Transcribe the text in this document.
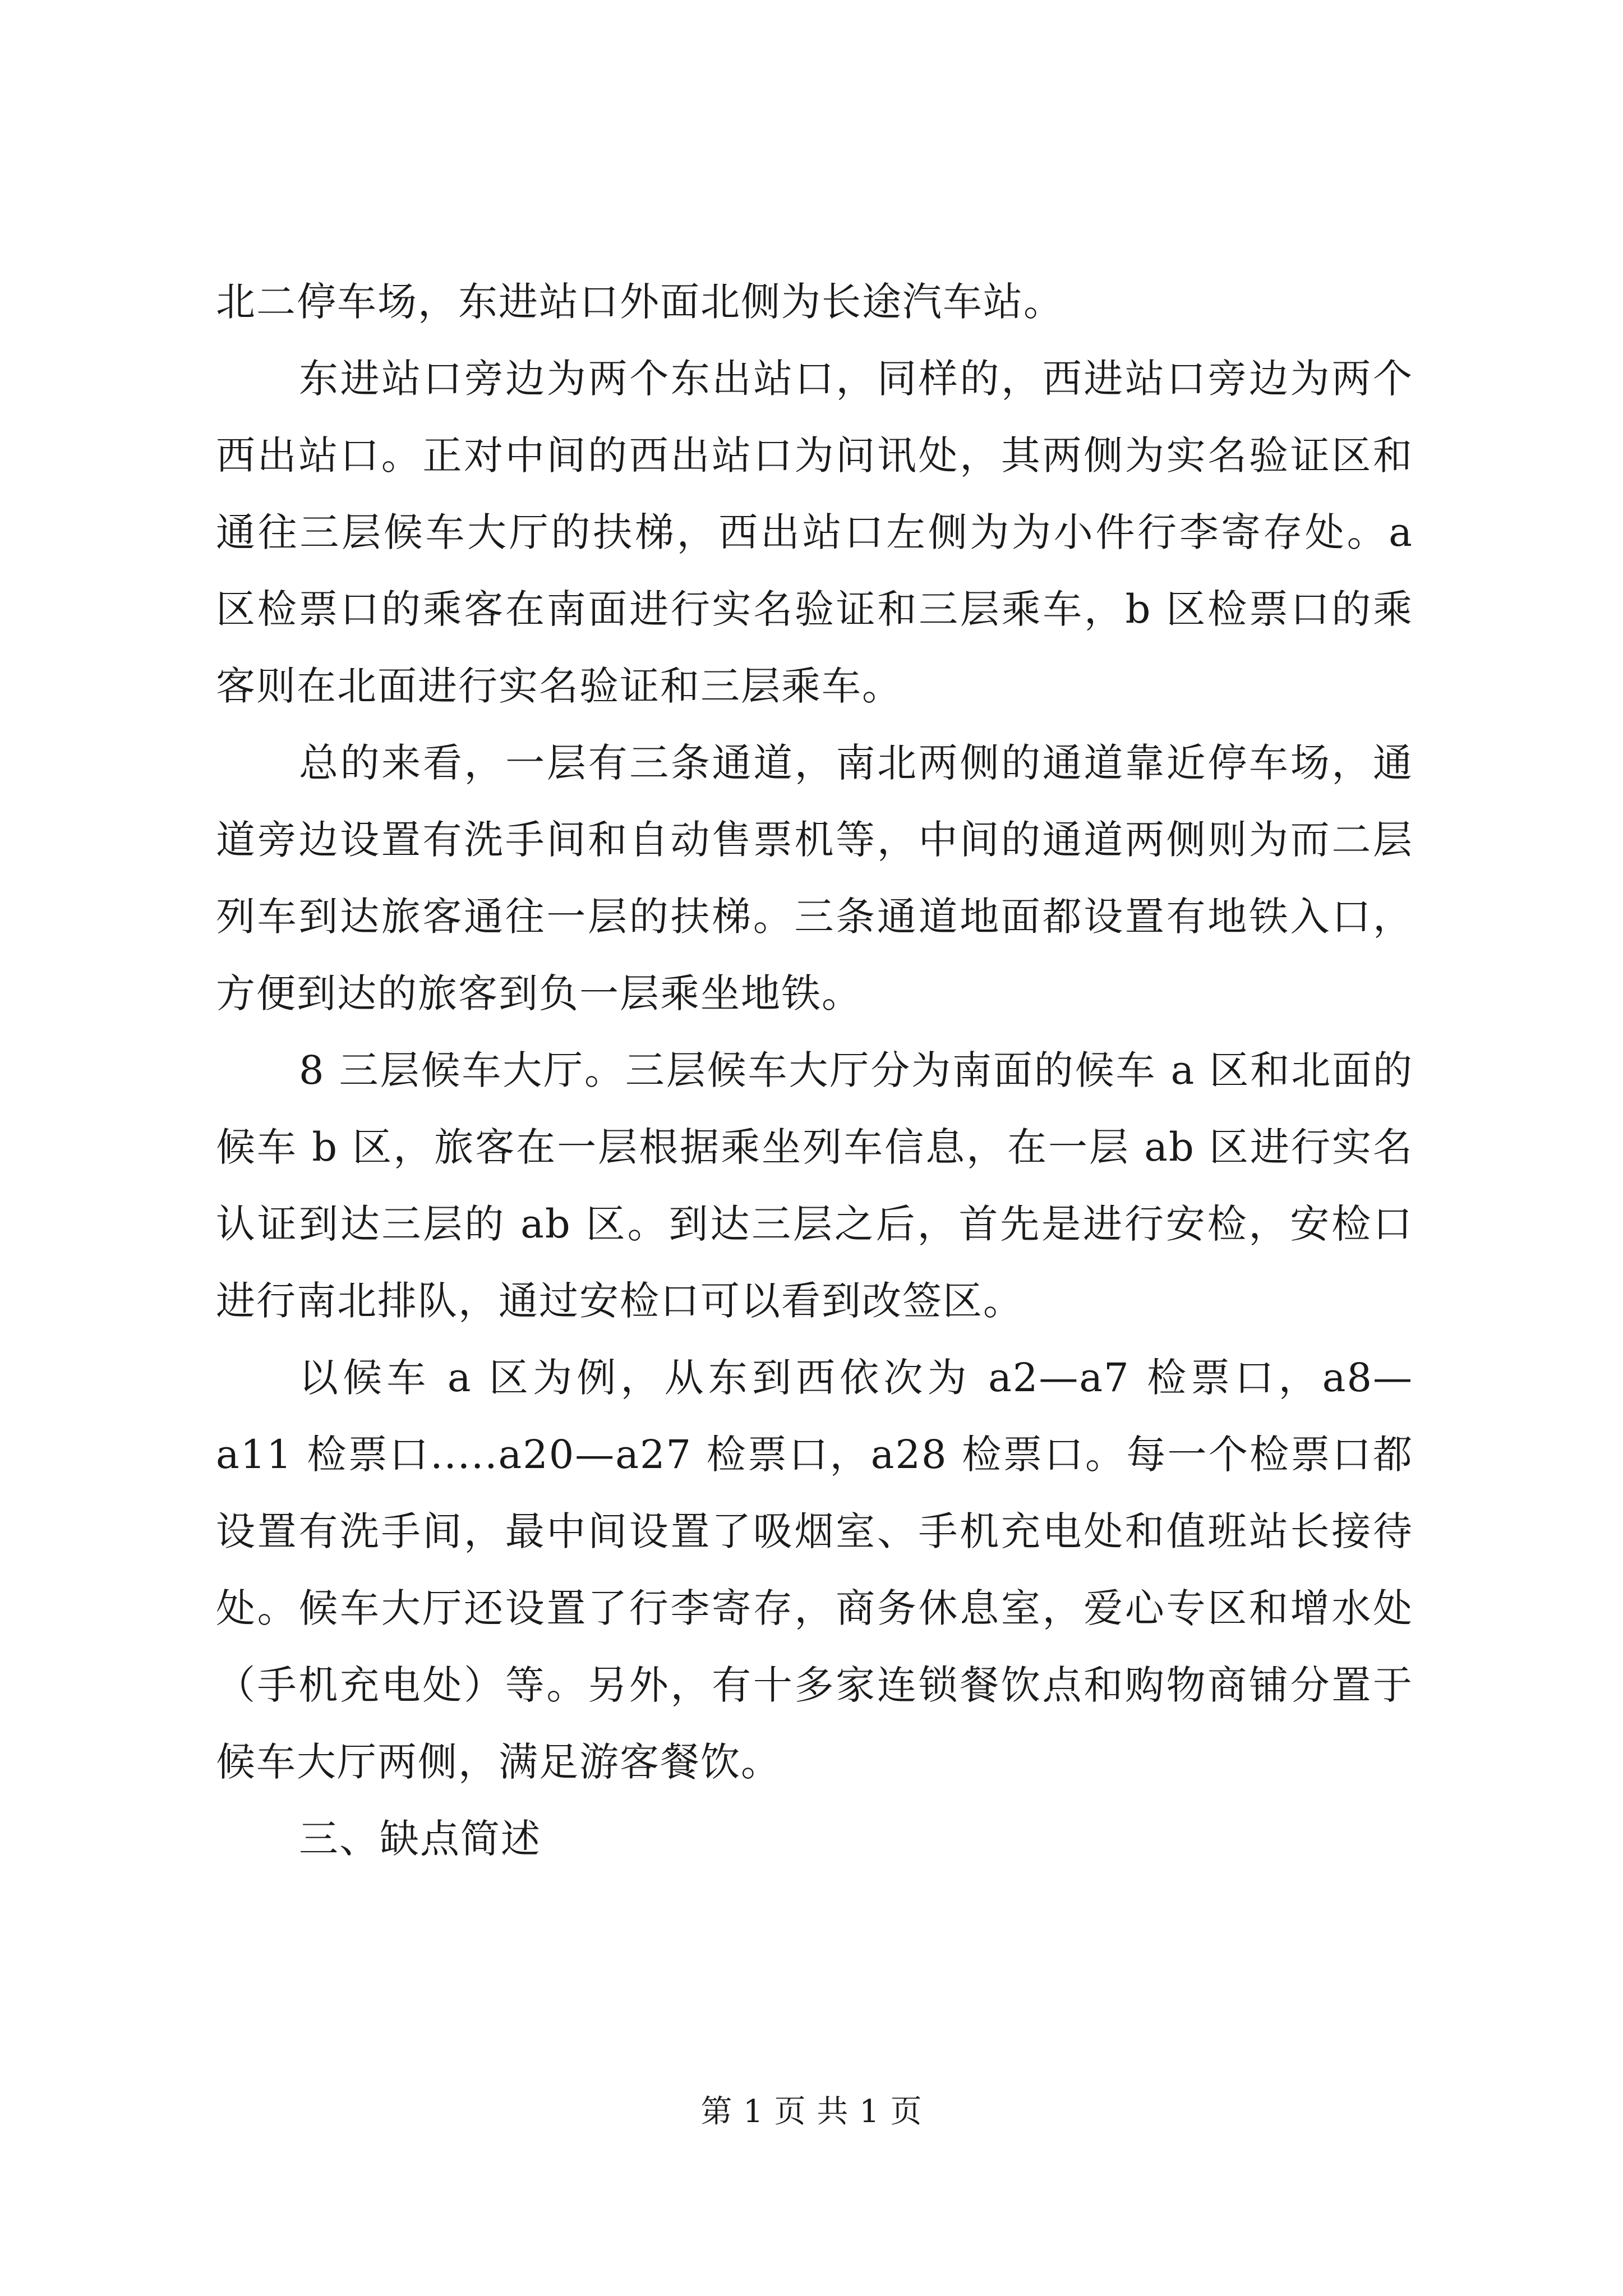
北二停车场，东进站口外面北侧为长途汽车站。

东进站口旁边为两个东出站口，同样的，西进站口旁边为两个西出站口。正对中间的西出站口为问讯处，其两侧为实名验证区和通往三层候车大厅的扶梯，西出站口左侧为为小件行李寄存处。a 区检票口的乘客在南面进行实名验证和三层乘车，b 区检票口的乘客则在北面进行实名验证和三层乘车。

总的来看，一层有三条通道，南北两侧的通道靠近停车场，通道旁边设置有洗手间和自动售票机等，中间的通道两侧则为而二层列车到达旅客通往一层的扶梯。三条通道地面都设置有地铁入口，方便到达的旅客到负一层乘坐地铁。

8 三层候车大厅。三层候车大厅分为南面的候车 a 区和北面的候车 b 区，旅客在一层根据乘坐列车信息，在一层 ab 区进行实名认证到达三层的 ab 区。到达三层之后，首先是进行安检，安检口进行南北排队，通过安检口可以看到改签区。

以候车 a 区为例，从东到西依次为 a2—a7 检票口，a8—a11 检票口.....a20—a27 检票口，a28 检票口。每一个检票口都设置有洗手间，最中间设置了吸烟室、手机充电处和值班站长接待处。候车大厅还设置了行李寄存，商务休息室，爱心专区和增水处（手机充电处）等。另外，有十多家连锁餐饮点和购物商铺分置于候车大厅两侧，满足游客餐饮。

三、缺点简述

第 1 页 共 1 页
